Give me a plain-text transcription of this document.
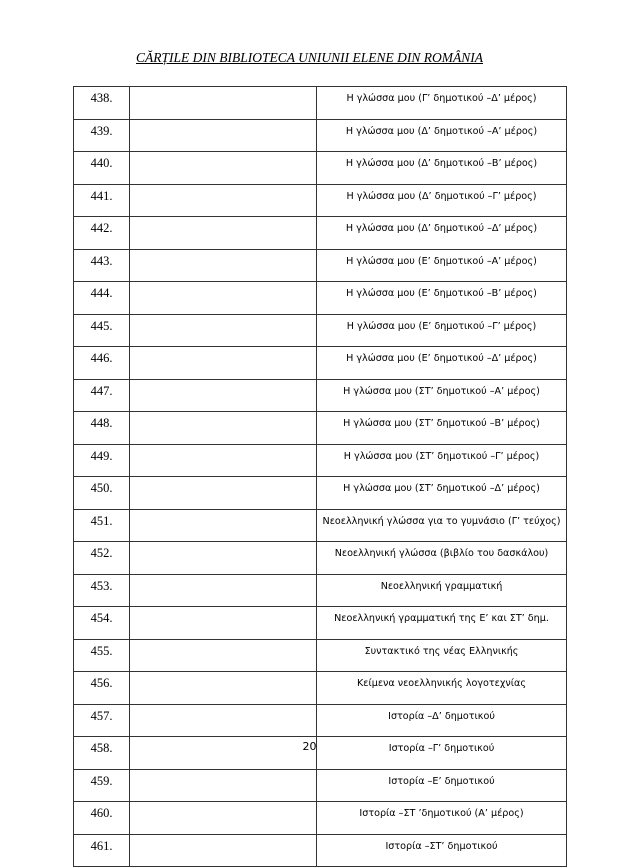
CĂRȚILE DIN BIBLIOTECA UNIUNII ELENE DIN ROMÂNIA
438.		Η γλώσσα μου (Γ’ δημοτικού –Δ’ μέρος)
439.		Η γλώσσα μου (Δ’ δημοτικού –Α’ μέρος)
440.		Η γλώσσα μου (Δ’ δημοτικού –Β’ μέρος)
441.		Η γλώσσα μου (Δ’ δημοτικού –Γ’ μέρος)
442.		Η γλώσσα μου (Δ’ δημοτικού –Δ’ μέρος)
443.		Η γλώσσα μου (Ε’ δημοτικού –Α’ μέρος)
444.		Η γλώσσα μου (Ε’ δημοτικού –Β’ μέρος)
445.		Η γλώσσα μου (Ε’ δημοτικού –Γ’ μέρος)
446.		Η γλώσσα μου (Ε’ δημοτικού –Δ’ μέρος)
447.		Η γλώσσα μου (ΣΤ’ δημοτικού –Α’ μέρος)
448.		Η γλώσσα μου (ΣΤ’ δημοτικού –Β’ μέρος)
449.		Η γλώσσα μου (ΣΤ’ δημοτικού –Γ’ μέρος)
450.		Η γλώσσα μου (ΣΤ’ δημοτικού –Δ’ μέρος)
451.		Νεοελληνική γλώσσα για το γυμνάσιο (Γ’ τεύχος)
452.		Νεοελληνική γλώσσα (βιβλίο του δασκάλου)
453.		Νεοελληνική γραμματική
454.		Νεοελληνική γραμματική της Ε’ και ΣΤ’ δημ.
455.		Συντακτικό της νέας Ελληνικής
456.		Κείμενα νεοελληνικής λογοτεχνίας
457.		Ιστορία –Δ’ δημοτικού
458.		Ιστορία –Γ’ δημοτικού
459.		Ιστορία –Ε’ δημοτικού
460.		Ιστορία –ΣΤ ’δημοτικού (Α’ μέρος)
461.		Ιστορία –ΣΤ’ δημοτικού
20
